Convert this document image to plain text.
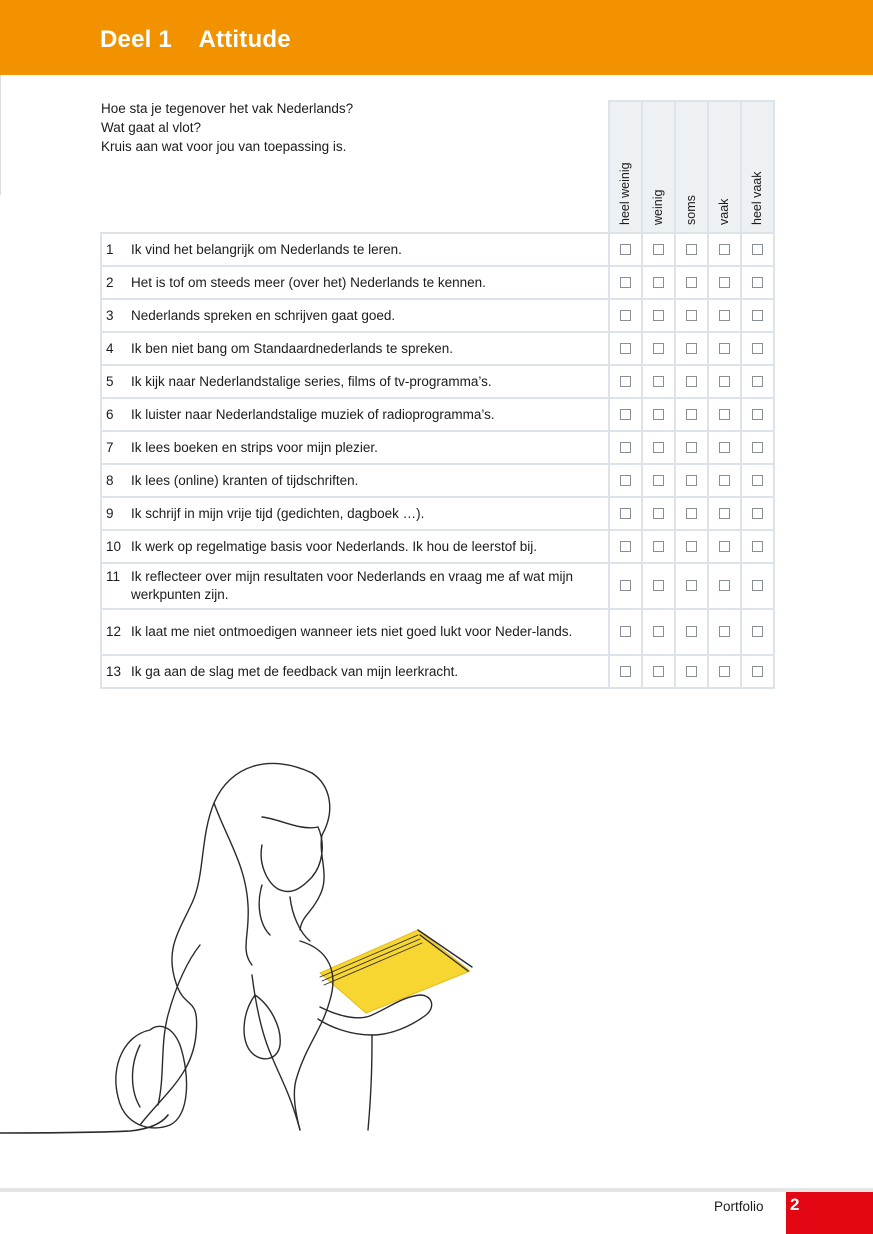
Deel 1    Attitude

	heel weinig	weinig	soms	vaak	heel vaak

1 Ik vind het belangrijk om Nederlands te leren.					

2 Het is tof om steeds meer (over het) Nederlands te kennen.					

3 Nederlands spreken en schrijven gaat goed.					

4 Ik ben niet bang om Standaardnederlands te spreken.					

5 Ik kijk naar Nederlandstalige series, films of tv-programma’s.					

6 Ik luister naar Nederlandstalige muziek of radioprogramma’s.					

7 Ik lees boeken en strips voor mijn plezier.					

8 Ik lees (online) kranten of tijdschriften.					

9 Ik schrijf in mijn vrije tijd (gedichten, dagboek …).					

10 Ik werk op regelmatige basis voor Nederlands. Ik hou de leerstof bij.					

11 Ik reflecteer over mijn resultaten voor Nederlands en vraag me af wat mijn werkpunten zijn.					

12 Ik laat me niet ontmoedigen wanneer iets niet goed lukt voor Neder-lands.					

13 Ik ga aan de slag met de feedback van mijn leerkracht.					

Hoe sta je tegenover het vak Nederlands?
Wat gaat al vlot?
Kruis aan wat voor jou van toepassing is.
Portfolio 2
